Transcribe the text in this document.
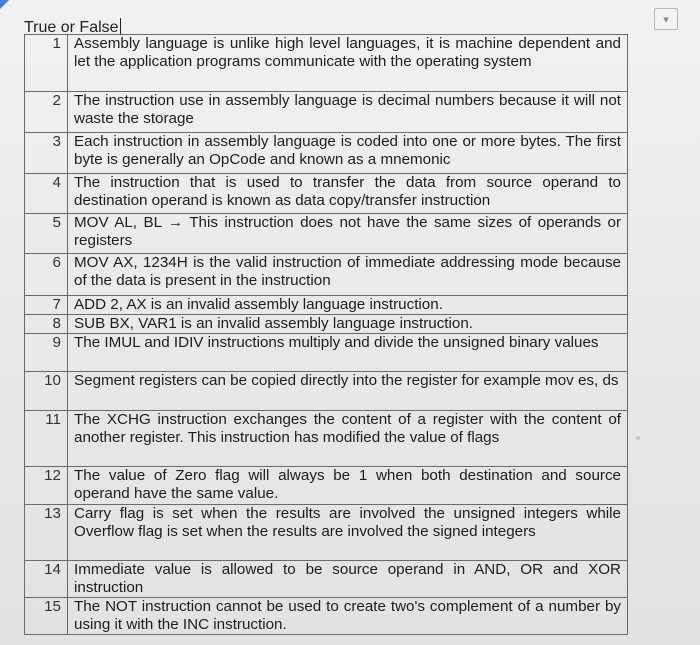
▾
True or False
1	Assembly language is unlike high level languages, it is machine dependent and let the application programs communicate with the operating system
2	The instruction use in assembly language is decimal numbers because it will not waste the storage
3	Each instruction in assembly language is coded into one or more bytes. The first byte is generally an OpCode and known as a mnemonic
4	The instruction that is used to transfer the data from source operand to destination operand is known as data copy/transfer instruction
5	MOV AL, BL → This instruction does not have the same sizes of operands or registers
6	MOV AX, 1234H is the valid instruction of immediate addressing mode because of the data is present in the instruction
7	ADD 2, AX is an invalid assembly language instruction.
8	SUB BX, VAR1 is an invalid assembly language instruction.
9	The IMUL and IDIV instructions multiply and divide the unsigned binary values
10	Segment registers can be copied directly into the register for example mov es, ds
11	The XCHG instruction exchanges the content of a register with the content of another register. This instruction has modified the value of flags
12	The value of Zero flag will always be 1 when both destination and source operand have the same value.
13	Carry flag is set when the results are involved the unsigned integers while Overflow flag is set when the results are involved the signed integers
14	Immediate value is allowed to be source operand in AND, OR and XOR instruction
15	The NOT instruction cannot be used to create two's complement of a number by using it with the INC instruction.
